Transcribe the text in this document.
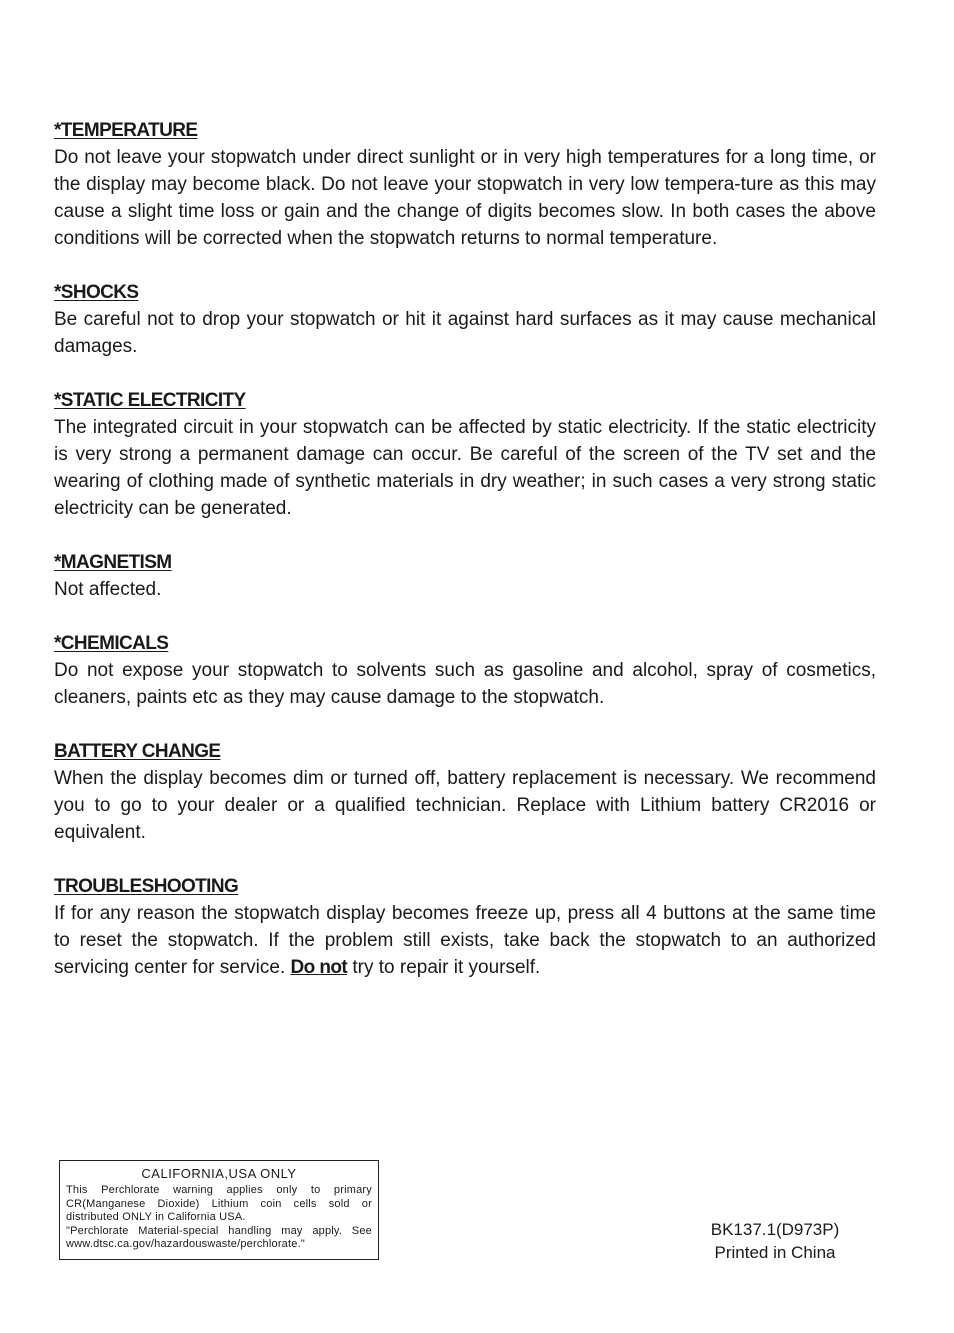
*TEMPERATURE
Do not leave your stopwatch under direct sunlight or in very high temperatures for a long time, or the display may become black. Do not leave your stopwatch in very low tempera-ture as this may cause a slight time loss or gain and the change of digits becomes slow. In both cases the above conditions will be corrected when the stopwatch returns to normal temperature.
*SHOCKS
Be careful not to drop your stopwatch or hit it against hard surfaces as it may cause mechanical damages.
*STATIC ELECTRICITY
The integrated circuit in your stopwatch can be affected by static electricity. If the static electricity is very strong a permanent damage can occur. Be careful of the screen of the TV set and the wearing of clothing made of synthetic materials in dry weather; in such cases a very strong static electricity can be generated.
*MAGNETISM
Not affected.
*CHEMICALS
Do not expose your stopwatch to solvents such as gasoline and alcohol, spray of cosmetics, cleaners, paints etc as they may cause damage to the stopwatch.
BATTERY CHANGE
When the display becomes dim or turned off, battery replacement is necessary. We recommend you to go to your dealer or a qualified technician. Replace with Lithium battery CR2016 or equivalent.
TROUBLESHOOTING
If for any reason the stopwatch display becomes freeze up, press all 4 buttons at the same time to reset the stopwatch. If the problem still exists, take back the stopwatch to an authorized servicing center for service. Do not try to repair it yourself.
CALIFORNIA,USA ONLY
This Perchlorate warning applies only to primary CR(Manganese Dioxide) Lithium coin cells sold or distributed ONLY in California USA.
"Perchlorate Material-special handling may apply. See www.dtsc.ca.gov/hazardouswaste/perchlorate."
BK137.1(D973P)
Printed in China
